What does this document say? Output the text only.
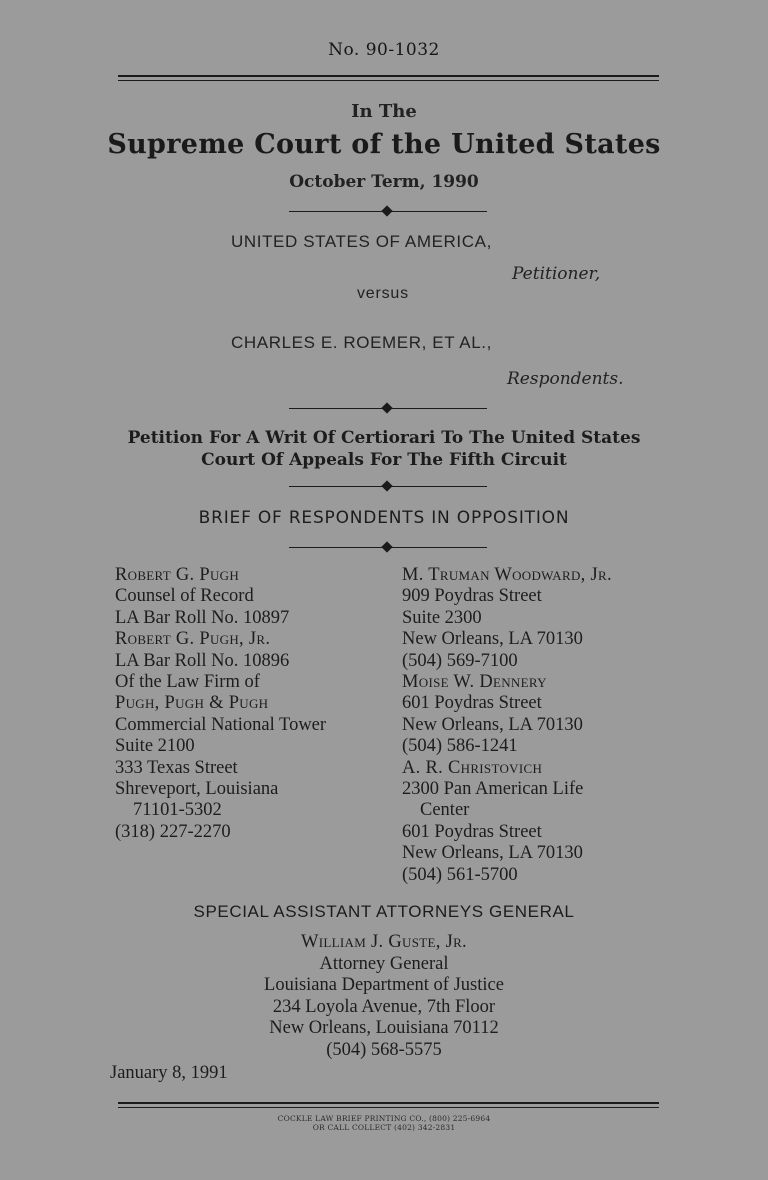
No. 90-1032
In The
Supreme Court of the United States
October Term, 1990
UNITED STATES OF AMERICA,
Petitioner,
versus
CHARLES E. ROEMER, ET AL.,
Respondents.
Petition For A Writ Of Certiorari To The United States
Court Of Appeals For The Fifth Circuit
BRIEF OF RESPONDENTS IN OPPOSITION
Robert G. Pugh
Counsel of Record
LA Bar Roll No. 10897
Robert G. Pugh, Jr.
LA Bar Roll No. 10896
Of the Law Firm of
Pugh, Pugh & Pugh
Commercial National Tower
Suite 2100
333 Texas Street
Shreveport, Louisiana
71101-5302
(318) 227-2270
M. Truman Woodward, Jr.
909 Poydras Street
Suite 2300
New Orleans, LA 70130
(504) 569-7100
Moise W. Dennery
601 Poydras Street
New Orleans, LA 70130
(504) 586-1241
A. R. Christovich
2300 Pan American Life
Center
601 Poydras Street
New Orleans, LA 70130
(504) 561-5700
SPECIAL ASSISTANT ATTORNEYS GENERAL
William J. Guste, Jr.
Attorney General
Louisiana Department of Justice
234 Loyola Avenue, 7th Floor
New Orleans, Louisiana 70112
(504) 568-5575
January 8, 1991
COCKLE LAW BRIEF PRINTING CO., (800) 225-6964
OR CALL COLLECT (402) 342-2831
